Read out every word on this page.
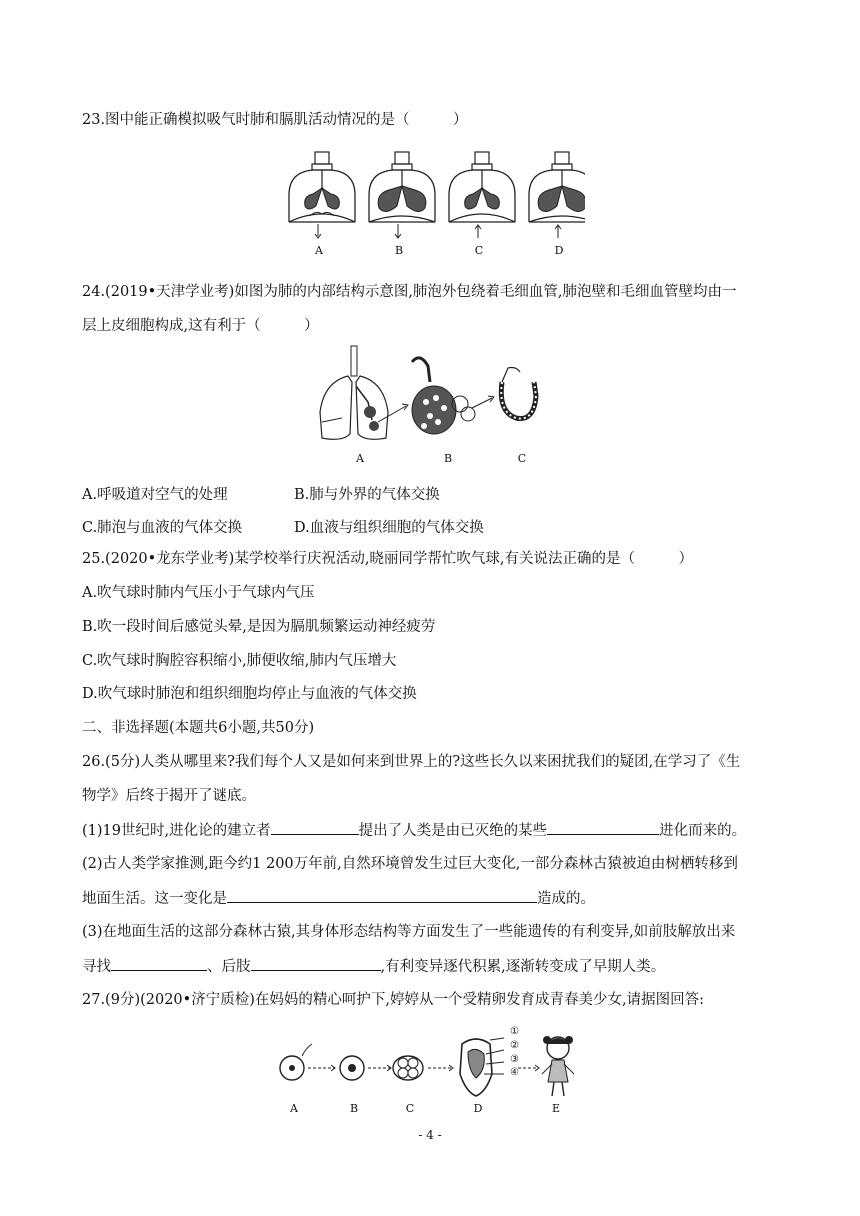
23.图中能正确模拟吸气时肺和膈肌活动情况的是（　　　）
A	B	C	D
24.(2019•天津学业考)如图为肺的内部结构示意图,肺泡外包绕着毛细血管,肺泡壁和毛细血管壁均由一
层上皮细胞构成,这有利于（　　　）
A	B	C
A.呼吸道对空气的处理	B.肺与外界的气体交换
C.肺泡与血液的气体交换	D.血液与组织细胞的气体交换
25.(2020•龙东学业考)某学校举行庆祝活动,晓丽同学帮忙吹气球,有关说法正确的是（　　　）
A.吹气球时肺内气压小于气球内气压
B.吹一段时间后感觉头晕,是因为膈肌频繁运动神经疲劳
C.吹气球时胸腔容积缩小,肺便收缩,肺内气压增大
D.吹气球时肺泡和组织细胞均停止与血液的气体交换
二、非选择题(本题共6小题,共50分)
26.(5分)人类从哪里来?我们每个人又是如何来到世界上的?这些长久以来困扰我们的疑团,在学习了《生
物学》后终于揭开了谜底。
(1)19世纪时,进化论的建立者	提出了人类是由已灭绝的某些	进化而来的。
(2)古人类学家推测,距今约1 200万年前,自然环境曾发生过巨大变化,一部分森林古猿被迫由树栖转移到
地面生活。这一变化是	造成的。
(3)在地面生活的这部分森林古猿,其身体形态结构等方面发生了一些能遗传的有利变异,如前肢解放出来
寻找	、后肢	,有利变异逐代积累,逐渐转变成了早期人类。
27.(9分)(2020•济宁质检)在妈妈的精心呵护下,婷婷从一个受精卵发育成青春美少女,请据图回答:
①
②
③
④
A	B	C	D	E
- 4 -
